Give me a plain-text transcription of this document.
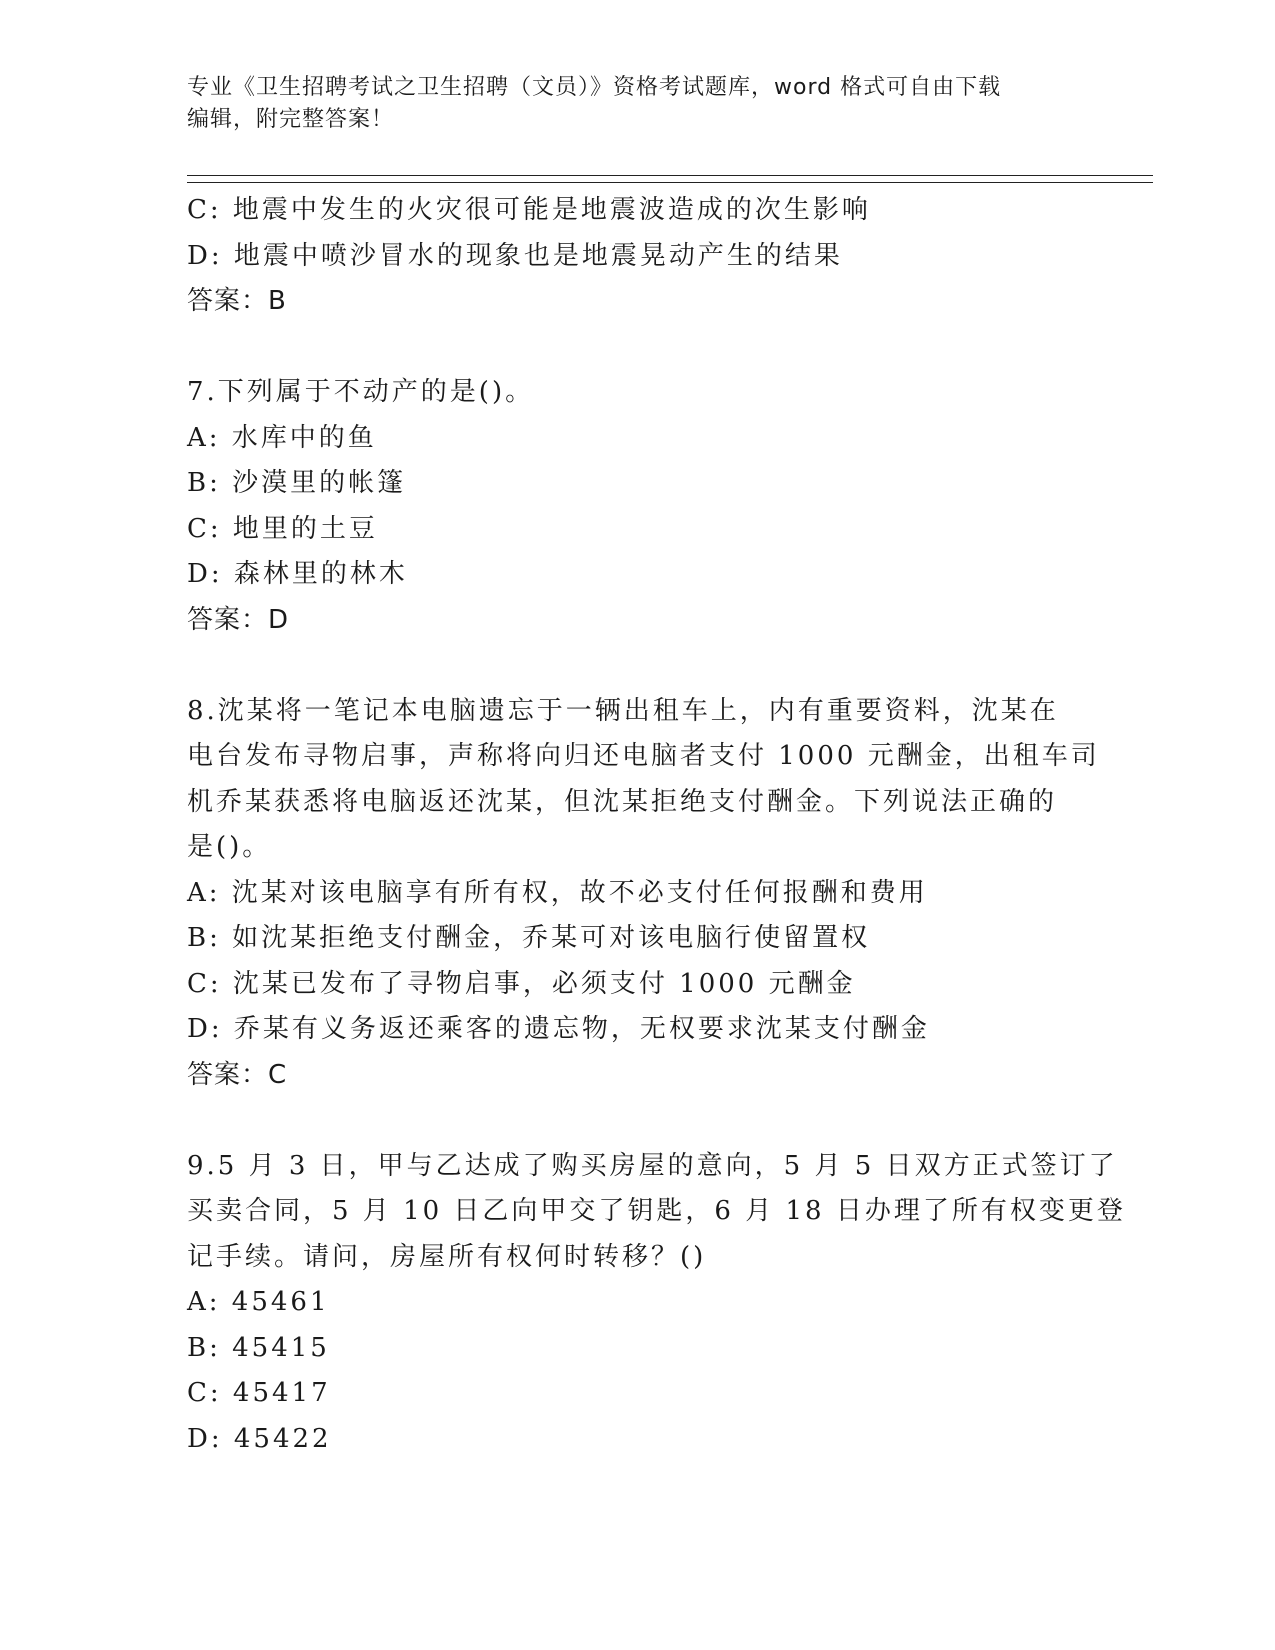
专业《卫生招聘考试之卫生招聘（文员）》资格考试题库，word 格式可自由下载
编辑，附完整答案！
C: 地震中发生的火灾很可能是地震波造成的次生影响
D: 地震中喷沙冒水的现象也是地震晃动产生的结果
答案：B
7.下列属于不动产的是()。
A: 水库中的鱼
B: 沙漠里的帐篷
C: 地里的土豆
D: 森林里的林木
答案：D
8.沈某将一笔记本电脑遗忘于一辆出租车上，内有重要资料，沈某在
电台发布寻物启事，声称将向归还电脑者支付 1000 元酬金，出租车司
机乔某获悉将电脑返还沈某，但沈某拒绝支付酬金。下列说法正确的
是()。
A: 沈某对该电脑享有所有权，故不必支付任何报酬和费用
B: 如沈某拒绝支付酬金，乔某可对该电脑行使留置权
C: 沈某已发布了寻物启事，必须支付 1000 元酬金
D: 乔某有义务返还乘客的遗忘物，无权要求沈某支付酬金
答案：C
9.5 月 3 日，甲与乙达成了购买房屋的意向，5 月 5 日双方正式签订了
买卖合同，5 月 10 日乙向甲交了钥匙，6 月 18 日办理了所有权变更登
记手续。请问，房屋所有权何时转移？()
A: 45461
B: 45415
C: 45417
D: 45422
